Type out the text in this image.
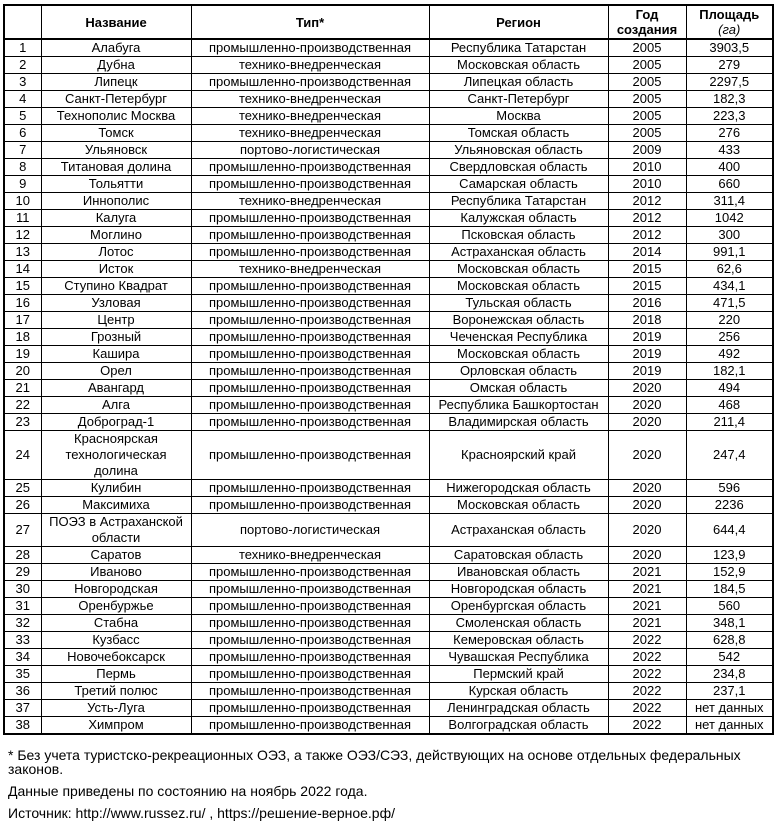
	Название	Тип*	Регион	Год создания	Площадь
(га)

1	Алабуга	промышленно-производственная	Республика Татарстан	2005	3903,5
2	Дубна	технико-внедренческая	Московская область	2005	279
3	Липецк	промышленно-производственная	Липецкая область	2005	2297,5
4	Санкт-Петербург	технико-внедренческая	Санкт-Петербург	2005	182,3
5	Технополис Москва	технико-внедренческая	Москва	2005	223,3
6	Томск	технико-внедренческая	Томская область	2005	276
7	Ульяновск	портово-логистическая	Ульяновская область	2009	433
8	Титановая долина	промышленно-производственная	Свердловская область	2010	400
9	Тольятти	промышленно-производственная	Самарская область	2010	660
10	Иннополис	технико-внедренческая	Республика Татарстан	2012	311,4
11	Калуга	промышленно-производственная	Калужская область	2012	1042
12	Моглино	промышленно-производственная	Псковская область	2012	300
13	Лотос	промышленно-производственная	Астраханская область	2014	991,1
14	Исток	технико-внедренческая	Московская область	2015	62,6
15	Ступино Квадрат	промышленно-производственная	Московская область	2015	434,1
16	Узловая	промышленно-производственная	Тульская область	2016	471,5
17	Центр	промышленно-производственная	Воронежская область	2018	220
18	Грозный	промышленно-производственная	Чеченская Республика	2019	256
19	Кашира	промышленно-производственная	Московская область	2019	492
20	Орел	промышленно-производственная	Орловская область	2019	182,1
21	Авангард	промышленно-производственная	Омская область	2020	494
22	Алга	промышленно-производственная	Республика Башкортостан	2020	468
23	Доброград-1	промышленно-производственная	Владимирская область	2020	211,4
24	Красноярская технологическая долина	промышленно-производственная	Красноярский край	2020	247,4
25	Кулибин	промышленно-производственная	Нижегородская область	2020	596
26	Максимиха	промышленно-производственная	Московская область	2020	2236
27	ПОЭЗ в Астраханской области	портово-логистическая	Астраханская область	2020	644,4
28	Саратов	технико-внедренческая	Саратовская область	2020	123,9
29	Иваново	промышленно-производственная	Ивановская область	2021	152,9
30	Новгородская	промышленно-производственная	Новгородская область	2021	184,5
31	Оренбуржье	промышленно-производственная	Оренбургская область	2021	560
32	Стабна	промышленно-производственная	Смоленская область	2021	348,1
33	Кузбасс	промышленно-производственная	Кемеровская область	2022	628,8
34	Новочебоксарск	промышленно-производственная	Чувашская Республика	2022	542
35	Пермь	промышленно-производственная	Пермский край	2022	234,8
36	Третий полюс	промышленно-производственная	Курская область	2022	237,1
37	Усть-Луга	промышленно-производственная	Ленинградская область	2022	нет данных
38	Химпром	промышленно-производственная	Волгоградская область	2022	нет данных

* Без учета туристско-рекреационных ОЭЗ, а также ОЭЗ/СЭЗ, действующих на основе отдельных федеральных законов.

Данные приведены по состоянию на ноябрь 2022 года.

Источник: http://www.russez.ru/ , https://решение-верное.рф/
